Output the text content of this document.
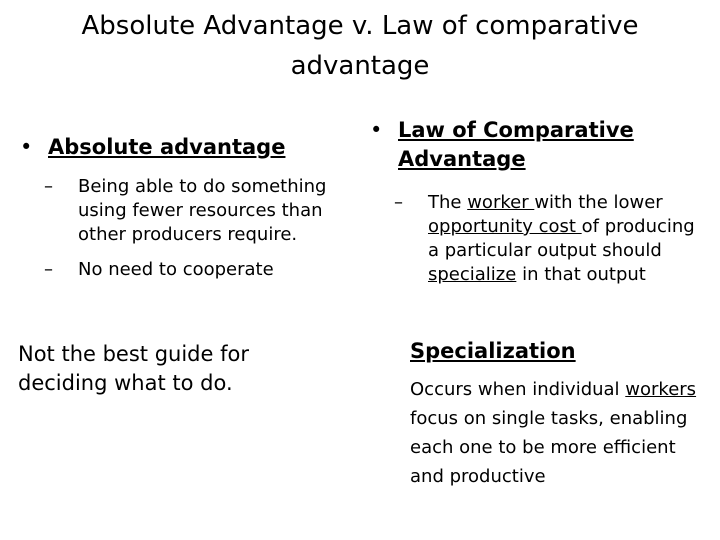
Absolute Advantage v. Law of comparative advantage
• Absolute advantage
– Being able to do something using fewer resources than other producers require.
– No need to cooperate
Not the best guide for deciding what to do.
• Law of Comparative Advantage
– The worker with the lower opportunity cost of producing a particular output should specialize in that output
Specialization
Occurs when individual workers focus on single tasks, enabling each one to be more efficient and productive
